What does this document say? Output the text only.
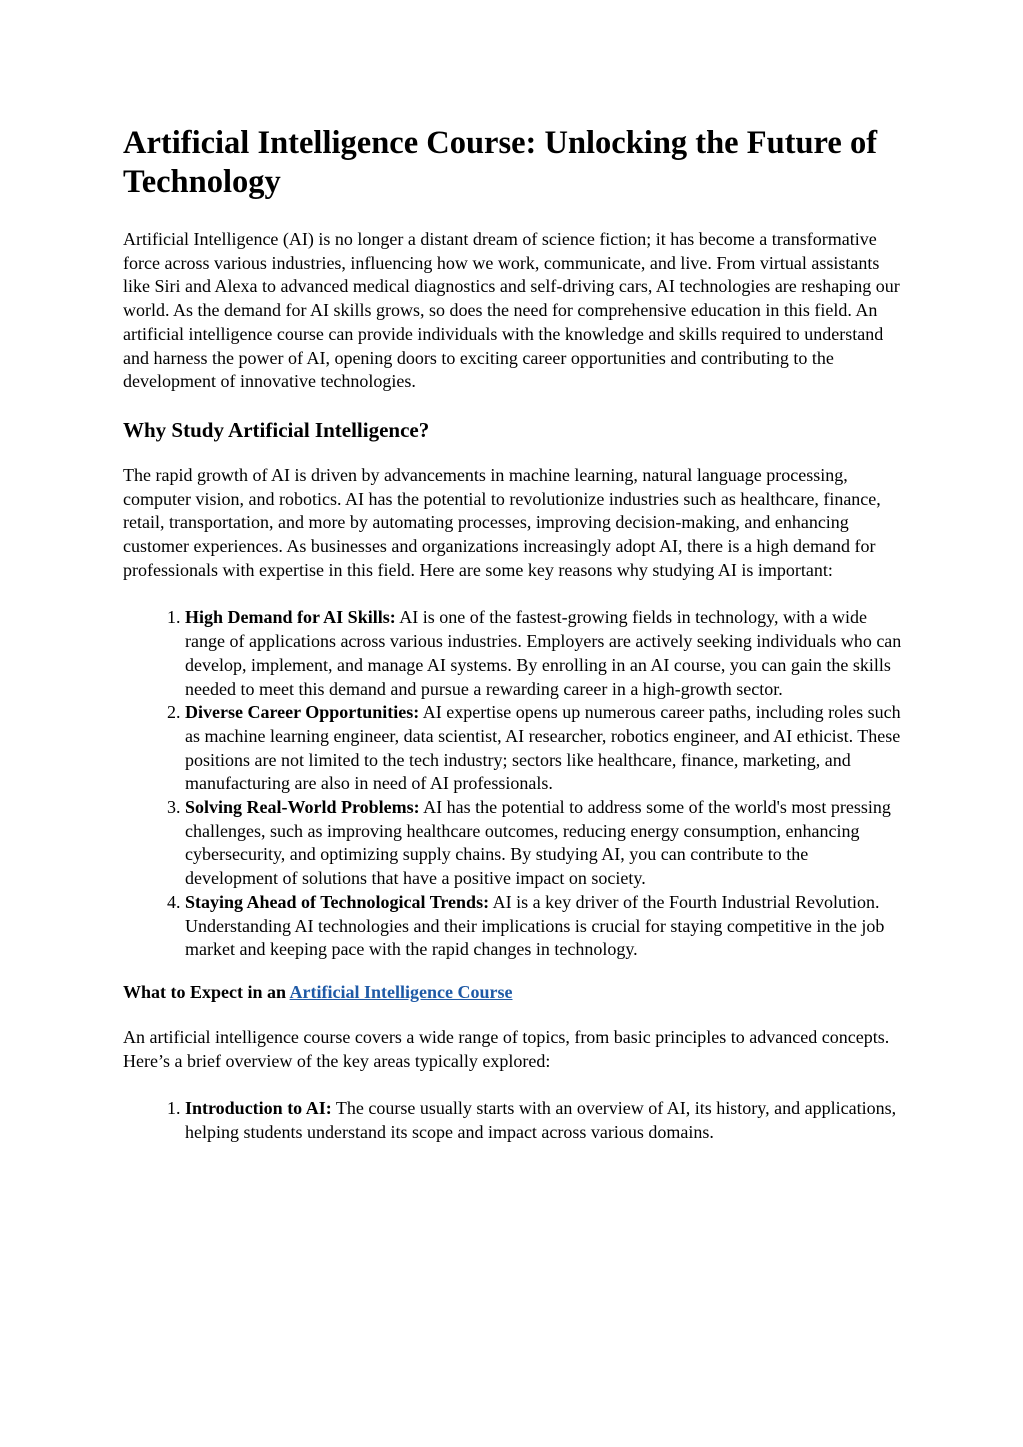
Artificial Intelligence Course: Unlocking the Future of Technology

Artificial Intelligence (AI) is no longer a distant dream of science fiction; it has become a transformative force across various industries, influencing how we work, communicate, and live. From virtual assistants like Siri and Alexa to advanced medical diagnostics and self-driving cars, AI technologies are reshaping our world. As the demand for AI skills grows, so does the need for comprehensive education in this field. An artificial intelligence course can provide individuals with the knowledge and skills required to understand and harness the power of AI, opening doors to exciting career opportunities and contributing to the development of innovative technologies.

Why Study Artificial Intelligence?

The rapid growth of AI is driven by advancements in machine learning, natural language processing, computer vision, and robotics. AI has the potential to revolutionize industries such as healthcare, finance, retail, transportation, and more by automating processes, improving decision-making, and enhancing customer experiences. As businesses and organizations increasingly adopt AI, there is a high demand for professionals with expertise in this field. Here are some key reasons why studying AI is important:

1. High Demand for AI Skills: AI is one of the fastest-growing fields in technology, with a wide range of applications across various industries. Employers are actively seeking individuals who can develop, implement, and manage AI systems. By enrolling in an AI course, you can gain the skills needed to meet this demand and pursue a rewarding career in a high-growth sector.
2. Diverse Career Opportunities: AI expertise opens up numerous career paths, including roles such as machine learning engineer, data scientist, AI researcher, robotics engineer, and AI ethicist. These positions are not limited to the tech industry; sectors like healthcare, finance, marketing, and manufacturing are also in need of AI professionals.
3. Solving Real-World Problems: AI has the potential to address some of the world's most pressing challenges, such as improving healthcare outcomes, reducing energy consumption, enhancing cybersecurity, and optimizing supply chains. By studying AI, you can contribute to the development of solutions that have a positive impact on society.
4. Staying Ahead of Technological Trends: AI is a key driver of the Fourth Industrial Revolution. Understanding AI technologies and their implications is crucial for staying competitive in the job market and keeping pace with the rapid changes in technology.
What to Expect in an Artificial Intelligence Course

An artificial intelligence course covers a wide range of topics, from basic principles to advanced concepts. Here’s a brief overview of the key areas typically explored:

1. Introduction to AI: The course usually starts with an overview of AI, its history, and applications, helping students understand its scope and impact across various domains.
